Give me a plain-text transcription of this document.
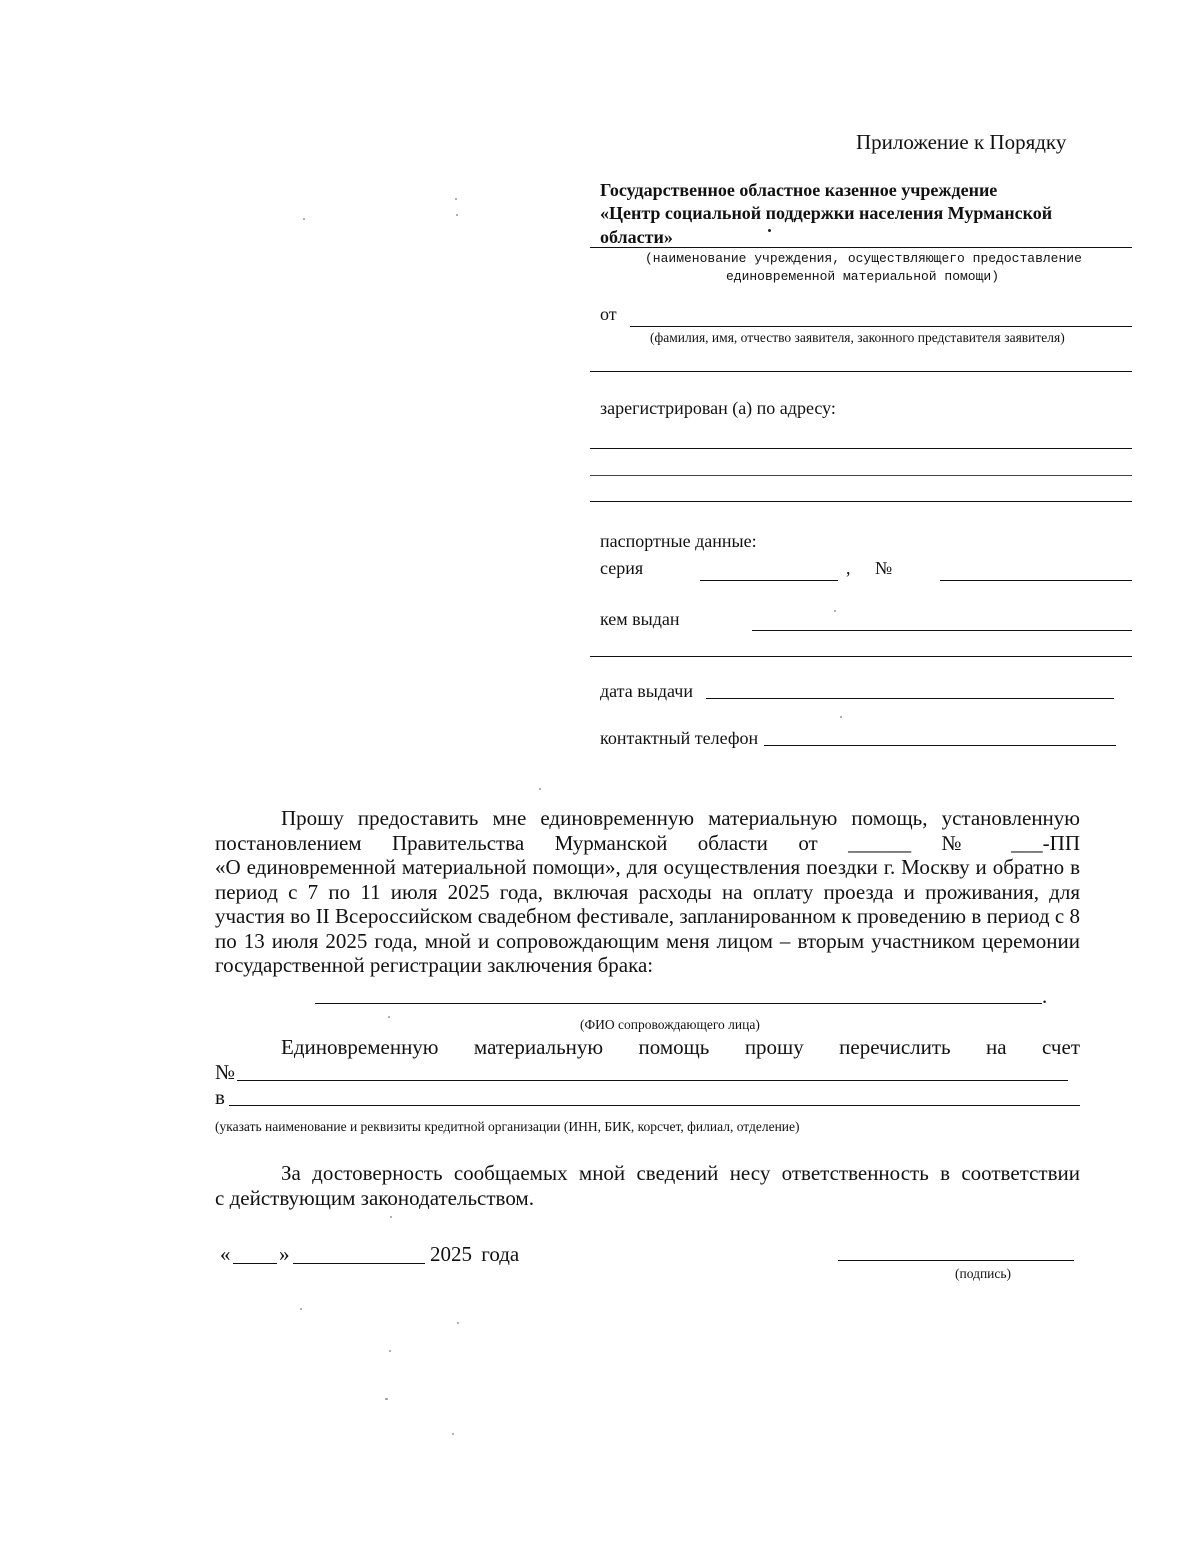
Приложение к Порядку
Государственное областное казенное учреждение
«Центр социальной поддержки населения Мурманской
области»
(наименование учреждения, осуществляющего предоставление
единовременной материальной помощи)
от
(фамилия, имя, отчество заявителя, законного представителя заявителя)
зарегистрирован (а) по адресу:
паспортные данные:
серия	, №
кем выдан
дата выдачи
контактный телефон
Прошу предоставить мне единовременную материальную помощь, установленную
постановлением Правительства Мурманской области от ______ № ___-ПП
«О единовременной материальной помощи», для осуществления поездки г. Москву и обратно в период с 7 по 11 июля 2025 года, включая расходы на оплату проезда и проживания, для участия во II Всероссийском свадебном фестивале, запланированном к проведению в период с 8 по 13 июля 2025 года, мной и сопровождающим меня лицом – вторым участником церемонии государственной регистрации заключения брака:
.
(ФИО сопровождающего лица)
Единовременную материальную помощь прошу перечислить на счет
№
в
(указать наименование и реквизиты кредитной организации (ИНН, БИК, корсчет, филиал, отделение)
За достоверность сообщаемых мной сведений несу ответственность в соответствии
с действующим законодательством.
« »	2025 года
(подпись)
